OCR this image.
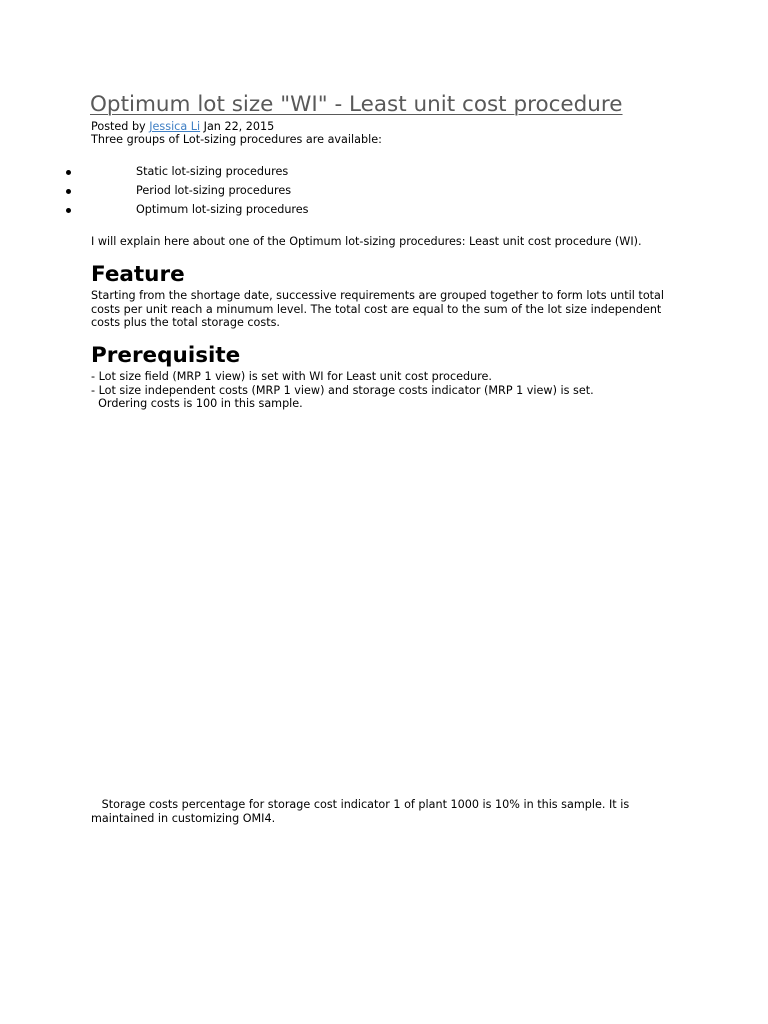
Optimum lot size "WI" - Least unit cost procedure
Posted by Jessica Li Jan 22, 2015
Three groups of Lot-sizing procedures are available:
Static lot-sizing procedures
Period lot-sizing procedures
Optimum lot-sizing procedures
I will explain here about one of the Optimum lot-sizing procedures: Least unit cost procedure (WI).
Feature
Starting from the shortage date, successive requirements are grouped together to form lots until total
costs per unit reach a minumum level. The total cost are equal to the sum of the lot size independent
costs plus the total storage costs.
Prerequisite
- Lot size field (MRP 1 view) is set with WI for Least unit cost procedure.
- Lot size independent costs (MRP 1 view) and storage costs indicator (MRP 1 view) is set.
Ordering costs is 100 in this sample.
Storage costs percentage for storage cost indicator 1 of plant 1000 is 10% in this sample. It is
maintained in customizing OMI4.
